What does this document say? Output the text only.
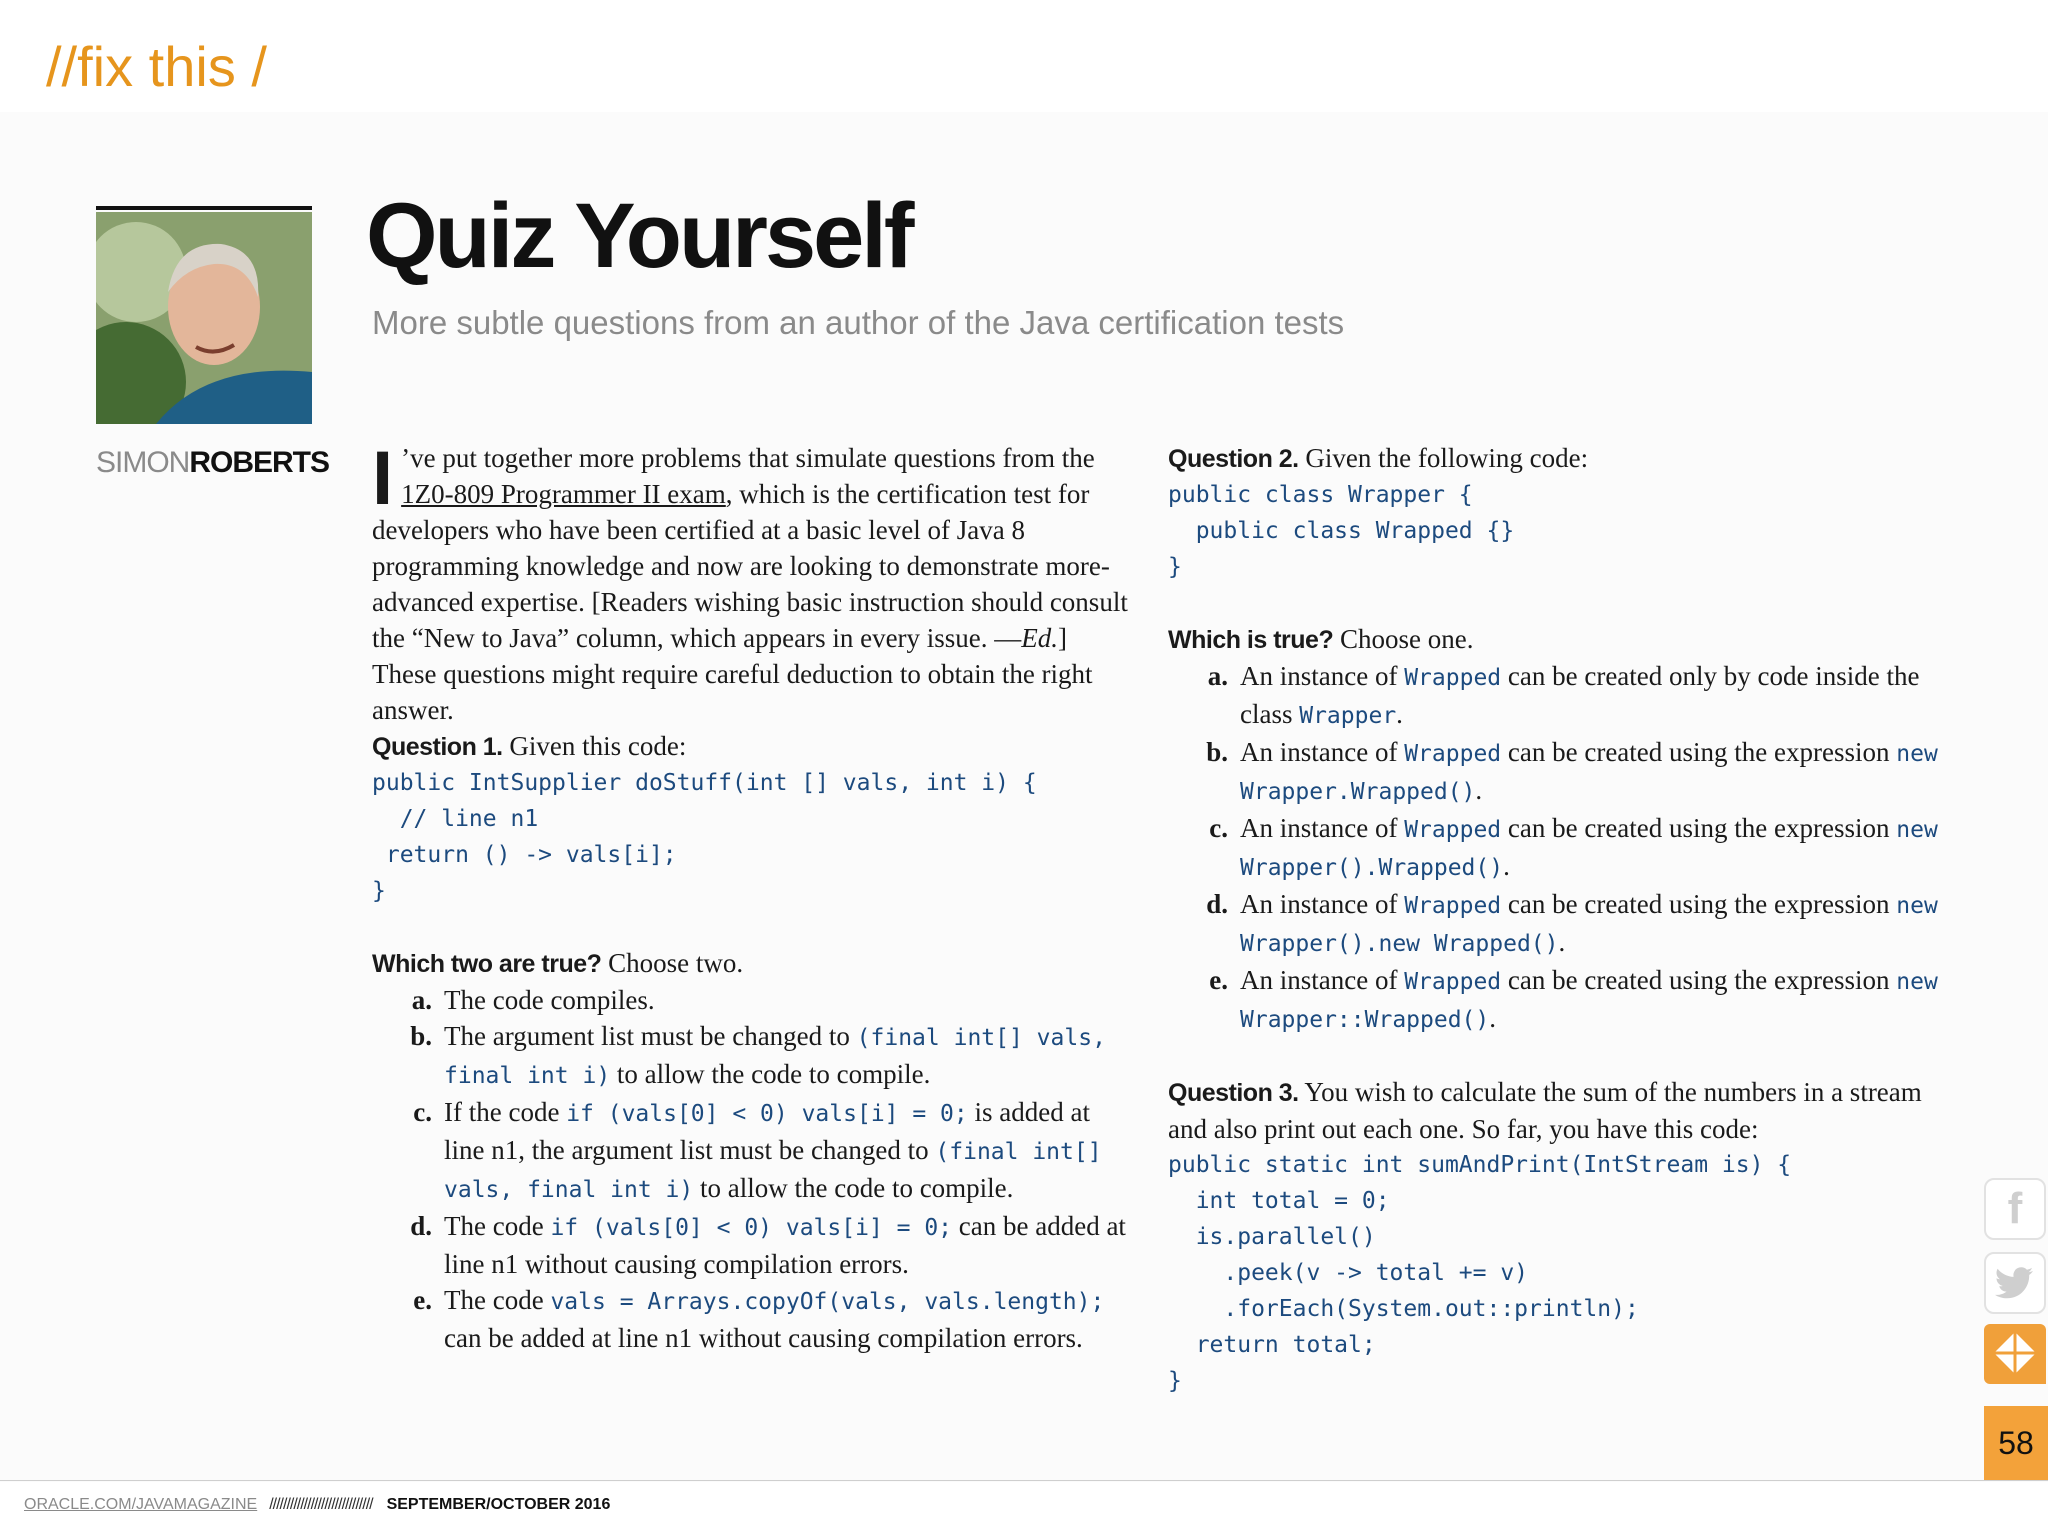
//fix this /
SIMONROBERTS
Quiz Yourself
More subtle questions from an author of the Java certification tests

I ’ve put together more problems that simulate questions from the 1Z0-809 Programmer II exam, which is the certification test for developers who have been certified at a basic level of Java 8 programming knowledge and now are looking to demonstrate more-advanced expertise. [Readers wishing basic instruction should consult the “New to Java” column, which appears in every issue. —Ed.] These questions might require careful deduction to obtain the right answer.

Question 1. Given this code:

public IntSupplier doStuff(int [] vals, int i) {
// line n1
return () -> vals[i];
}

Which two are true? Choose two.

a. The code compiles.
b. The argument list must be changed to (final int[] vals, final int i) to allow the code to compile.
c. If the code if (vals[0] < 0) vals[i] = 0; is added at line n1, the argument list must be changed to (final int[] vals, final int i) to allow the code to compile.
d. The code if (vals[0] < 0) vals[i] = 0; can be added at line n1 without causing compilation errors.
e. The code vals = Arrays.copyOf(vals, vals.length); can be added at line n1 without causing compilation errors.

Question 2. Given the following code:

public class Wrapper {
public class Wrapped {}
}

Which is true? Choose one.

a. An instance of Wrapped can be created only by code inside the class Wrapper.
b. An instance of Wrapped can be created using the expression new Wrapper.Wrapped().
c. An instance of Wrapped can be created using the expression new Wrapper().Wrapped().
d. An instance of Wrapped can be created using the expression new Wrapper().new Wrapped().
e. An instance of Wrapped can be created using the expression new Wrapper::Wrapped().

Question 3. You wish to calculate the sum of the numbers in a stream and also print out each one. So far, you have this code:

public static int sumAndPrint(IntStream is) {
int total = 0;
is.parallel()
.peek(v -> total += v)
.forEach(System.out::println);
return total;
}
f
58
ORACLE.COM/JAVAMAGAZINE ////////////////////////////// SEPTEMBER/OCTOBER 2016
